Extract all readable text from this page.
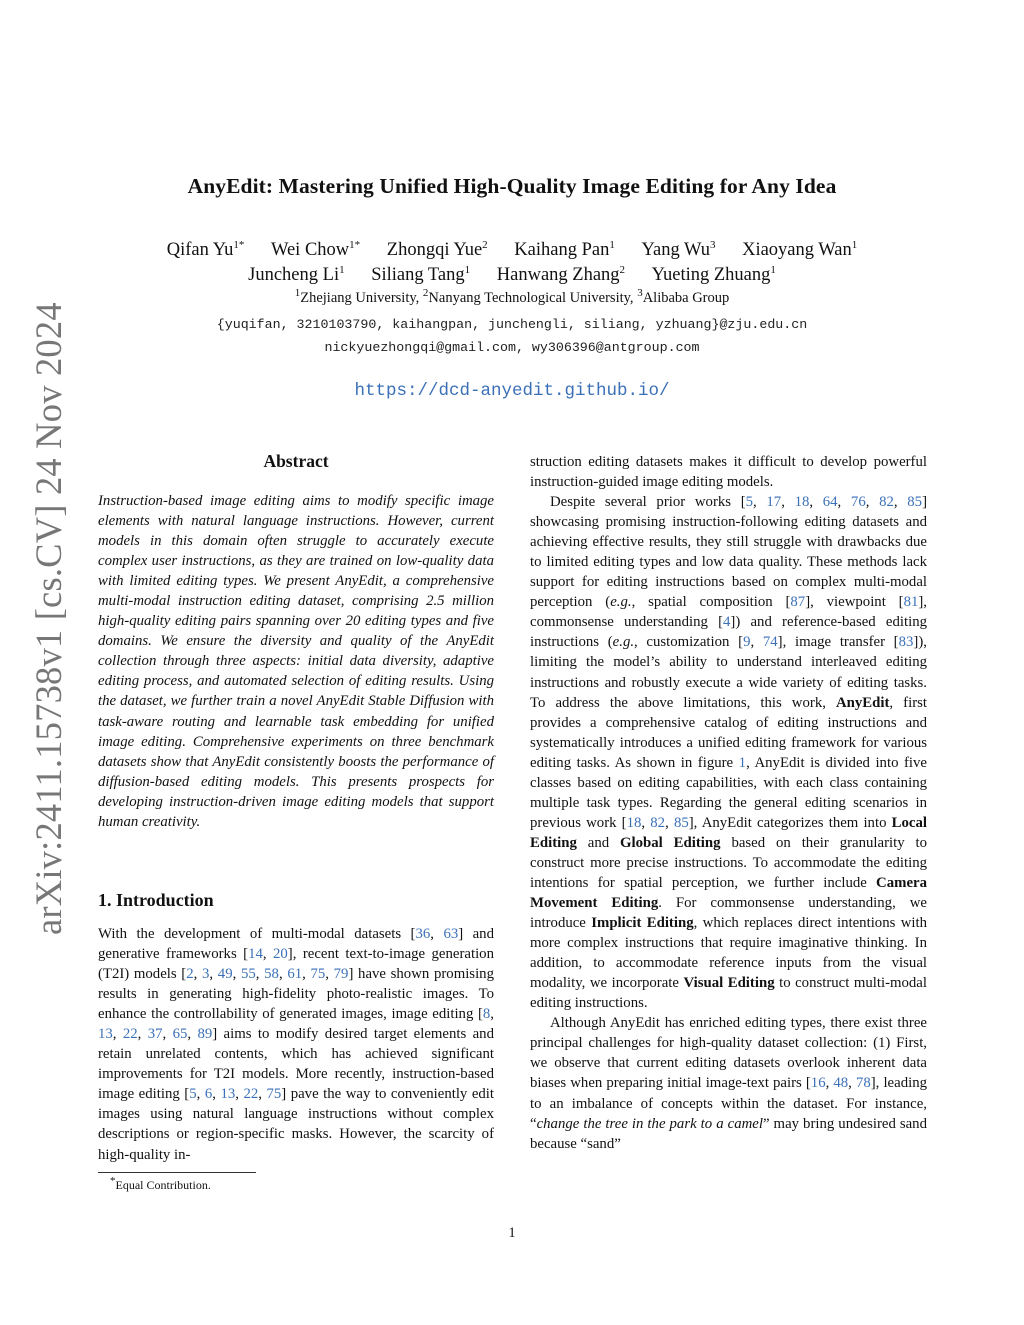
AnyEdit: Mastering Unified High-Quality Image Editing for Any Idea
Qifan $Yu^{1*}$ Wei Chow$^{1*}$ Zhongqi Yue$^2$ Kaihang Pan$^1$ Yang Wu$^3$ Xiaoyang Wan$^1$
Juncheng Li$^1$ Siliang Tang$^1$ Hanwang Zhang$^2$ Yueting Zhuang$^1$
$^1$Zhejiang University, $^2$Nanyang Technological University, $^3$Alibaba Group
{yuqifan, 3210103790, kaihangpan, junchengli, siliang, yzhuang}@zju.edu.cn
nickyuezhongqi@gmail.com, wy306396@antgroup.com
https://dcd-anyedit.github.io/
arXiv:2411.15738v1 [cs.CV] 24 Nov 2024	Abstract
Instruction-based image editing aims to modify specific image elements with natural language instructions. However, current models in this domain often struggle to accurately execute complex user instructions, as they are trained on low-quality data with limited editing types. We present AnyEdit, a comprehensive multi-modal instruction editing dataset, comprising 2.5 million high-quality editing pairs spanning over 20 editing types and five domains. We ensure the diversity and quality of the AnyEdit collection through three aspects: initial data diversity, adaptive editing process, and automated selection of editing results. Using the dataset, we further train a novel AnyEdit Stable Diffusion with task-aware routing and learnable task embedding for unified image editing. Comprehensive experiments on three benchmark datasets show that AnyEdit consistently boosts the performance of diffusion-based editing models. This presents prospects for developing instruction-driven image editing models that support human creativity.
1. Introduction
With the development of multi-modal datasets [36, 63] and generative frameworks [14, 20], recent text-to-image generation (T2I) models [2, 3, 49, 55, 58, 61, 75, 79] have shown promising results in generating high-fidelity photo-realistic images. To enhance the controllability of generated images, image editing [8, 13, 22, 37, 65, 89] aims to modify desired target elements and retain unrelated contents, which has achieved significant improvements for T2I models. More recently, instruction-based image editing [5, 6, 13, 22, 75] pave the way to conveniently edit images using natural language instructions without complex descriptions or region-specific masks. However, the scarcity of high-quality in-
*Equal Contribution.

struction editing datasets makes it difficult to develop powerful instruction-guided image editing models.

Despite several prior works [5, 17, 18, 64, 76, 82, 85] showcasing promising instruction-following editing datasets and achieving effective results, they still struggle with drawbacks due to limited editing types and low data quality. These methods lack support for editing instructions based on complex multi-modal perception (e.g., spatial composition [87], viewpoint [81], commonsense understanding [4]) and reference-based editing instructions (e.g., customization [9, 74], image transfer [83]), limiting the model’s ability to understand interleaved editing instructions and robustly execute a wide variety of editing tasks. To address the above limitations, this work, AnyEdit, first provides a comprehensive catalog of editing instructions and systematically introduces a unified editing framework for various editing tasks. As shown in figure 1, AnyEdit is divided into five classes based on editing capabilities, with each class containing multiple task types. Regarding the general editing scenarios in previous work [18, 82, 85], AnyEdit categorizes them into Local Editing and Global Editing based on their granularity to construct more precise instructions. To accommodate the editing intentions for spatial perception, we further include Camera Movement Editing. For commonsense understanding, we introduce Implicit Editing, which replaces direct intentions with more complex instructions that require imaginative thinking. In addition, to accommodate reference inputs from the visual modality, we incorporate Visual Editing to construct multi-modal editing instructions.

Although AnyEdit has enriched editing types, there exist three principal challenges for high-quality dataset collection: (1) First, we observe that current editing datasets overlook inherent data biases when preparing initial image-text pairs [16, 48, 78], leading to an imbalance of concepts within the dataset. For instance, “change the tree in the park to a camel” may bring undesired sand because “sand”

1
